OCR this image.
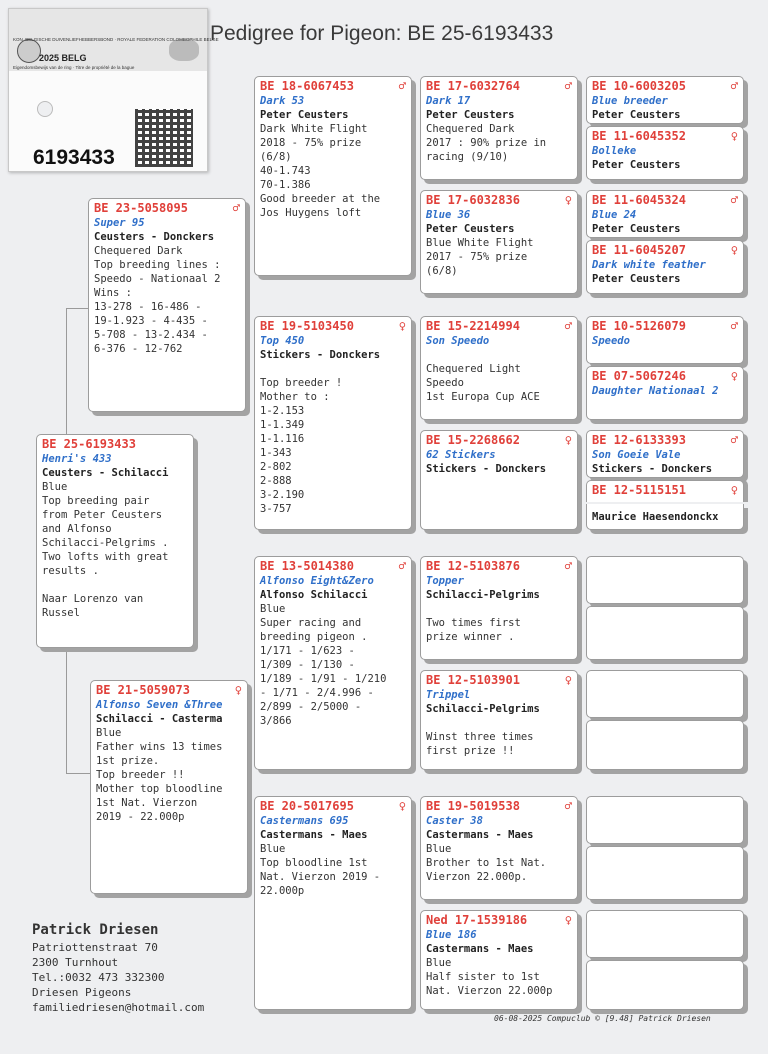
KON. BELGISCHE DUIVENLIEFHEBBERSBOND · ROYALE FEDERATION COLOMBOPHILE BELGE
2025 BELG
Eigendomsbewijs van de ring · Titre de propriété de la bague
6193433
Pedigree for Pigeon: BE 25-6193433
BE 18-6067453	♂
Dark 53
Peter Ceusters
Dark White Flight
2018 - 75% prize
(6/8)
40-1.743
70-1.386
Good breeder at the
Jos Huygens loft
BE 17-6032764	♂
Dark 17
Peter Ceusters
Chequered Dark
2017 : 90% prize in
racing (9/10)
BE 10-6003205	♂
Blue breeder
Peter Ceusters
BE 11-6045352	♀
Bolleke
Peter Ceusters
BE 23-5058095	♂
Super 95
Ceusters - Donckers
Chequered Dark
Top breeding lines :
Speedo - Nationaal 2
Wins :
13-278 - 16-486 -
19-1.923 - 4-435 -
5-708 - 13-2.434 -
6-376 - 12-762
BE 17-6032836	♀
Blue 36
Peter Ceusters
Blue White Flight
2017 - 75% prize
(6/8)
BE 11-6045324	♂
Blue 24
Peter Ceusters
BE 11-6045207	♀
Dark white feather
Peter Ceusters
BE 19-5103450	♀
Top 450
Stickers - Donckers
Top breeder !
Mother to :
1-2.153
1-1.349
1-1.116
1-343
2-802
2-888
3-2.190
3-757
BE 15-2214994	♂
Son Speedo
Chequered Light
Speedo
1st Europa Cup ACE
BE 10-5126079	♂
Speedo
BE 07-5067246	♀
Daughter Nationaal 2
BE 25-6193433
Henri's 433
Ceusters - Schilacci
Blue
Top breeding pair
from Peter Ceusters
and Alfonso
Schilacci-Pelgrims .
Two lofts with great
results .
Naar Lorenzo van
Russel
BE 15-2268662	♀
62 Stickers
Stickers - Donckers
BE 12-6133393	♂
Son Goeie Vale
Stickers - Donckers
BE 12-5115151	♀
Maurice Haesendonckx
BE 13-5014380	♂
Alfonso Eight&Zero
Alfonso Schilacci
Blue
Super racing and
breeding pigeon .
1/171 - 1/623 -
1/309 - 1/130 -
1/189 - 1/91 - 1/210
- 1/71 - 2/4.996 -
2/899 - 2/5000 -
3/866
BE 12-5103876	♂
Topper
Schilacci-Pelgrims
Two times first
prize winner .
BE 21-5059073	♀
Alfonso Seven &Three
Schilacci - Casterma
Blue
Father wins 13 times
1st prize.
Top breeder !!
Mother top bloodline
1st Nat. Vierzon
2019 - 22.000p
BE 12-5103901	♀
Trippel
Schilacci-Pelgrims
Winst three times
first prize !!
BE 20-5017695	♀
Castermans 695
Castermans - Maes
Blue
Top bloodline 1st
Nat. Vierzon 2019 -
22.000p
BE 19-5019538	♂
Caster 38
Castermans - Maes
Blue
Brother to 1st Nat.
Vierzon 22.000p.
Ned 17-1539186	♀
Blue 186
Castermans - Maes
Blue
Half sister to 1st
Nat. Vierzon 22.000p
Patrick Driesen
Patriottenstraat 70
2300 Turnhout
Tel.:0032 473 332300
Driesen Pigeons
familiedriesen@hotmail.com
06-08-2025 Compuclub © [9.48] Patrick Driesen
